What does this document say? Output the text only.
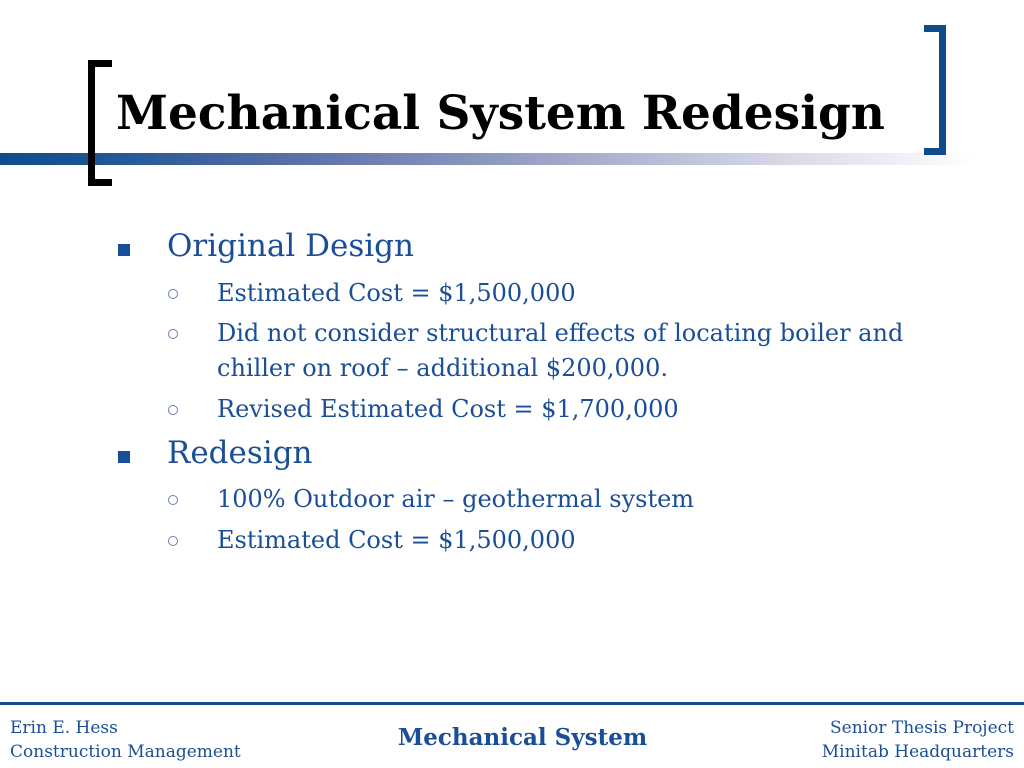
Mechanical System Redesign
Original Design
Estimated Cost = $1,500,000
Did not consider structural effects of locating boiler and chiller on roof – additional $200,000.
Revised Estimated Cost = $1,700,000
Redesign
100% Outdoor air – geothermal system
Estimated Cost = $1,500,000
Erin E. Hess
Construction Management
Mechanical System	Senior Thesis Project
Minitab Headquarters
